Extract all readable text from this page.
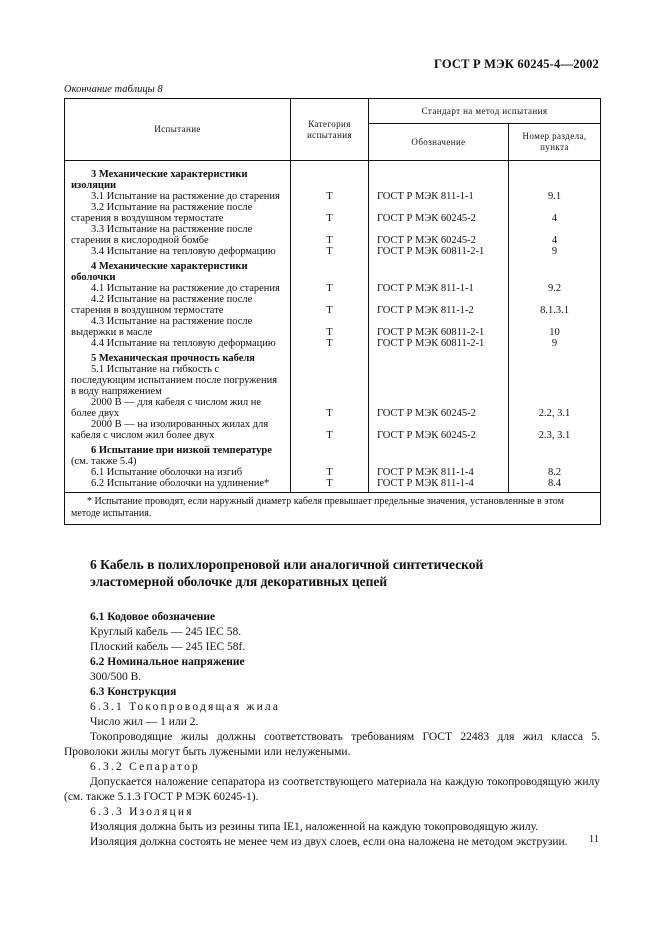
ГОСТ Р МЭК 60245-4—2002
Окончание таблицы 8
Испытание	Категория испытания	Стандарт на метод испытания	
		Обозначение	Номер раздела, пункта

3 Механические характеристики изоляции
3.1 Испытание на растяжение до старения	Т	ГОСТ Р МЭК 811-1-1	9.1

3.2 Испытание на растяжение после старения в воздушном термостате	Т	ГОСТ Р МЭК 60245-2	4

3.3 Испытание на растяжение после старения в кислородной бомбе	Т	ГОСТ Р МЭК 60245-2	4

3.4 Испытание на тепловую деформацию	Т	ГОСТ Р МЭК 60811-2-1	9

4 Механические характеристики оболочки
4.1 Испытание на растяжение до старения	Т	ГОСТ Р МЭК 811-1-1	9.2

4.2 Испытание на растяжение после старения в воздушном термостате	Т	ГОСТ Р МЭК 811-1-2	8.1.3.1

4.3 Испытание на растяжение после выдержки в масле	Т	ГОСТ Р МЭК 60811-2-1	10

4.4 Испытание на тепловую деформацию	Т	ГОСТ Р МЭК 60811-2-1	9

5 Механическая прочность кабеля
5.1 Испытание на гибкость с последующим испытанием после погружения в воду напряжением
2000 В — для кабеля с числом жил не более двух	Т	ГОСТ Р МЭК 60245-2	2.2, 3.1

2000 В — на изолированных жилах для кабеля с числом жил более двух	Т	ГОСТ Р МЭК 60245-2	2.3, 3.1

6 Испытание при низкой температуре (см. также 5.4)
6.1 Испытание оболочки на изгиб	Т	ГОСТ Р МЭК 811-1-4	8.2

6.2 Испытание оболочки на удлинение*	Т	ГОСТ Р МЭК 811-1-4	8.4
* Испытание проводят, если наружный диаметр кабеля превышает предельные значения, установленные в этом методе испытания.			
6 Кабель в полихлоропреновой или аналогичной синтетической
эластомерной оболочке для декоративных цепей

6.1 Кодовое обозначение

Круглый кабель — 245 IEC 58.

Плоский кабель — 245 IEC 58f.

6.2 Номинальное напряжение

300/500 В.

6.3 Конструкция

6.3.1 Токопроводящая жила

Число жил — 1 или 2.

Токопроводящие жилы должны соответствовать требованиям ГОСТ 22483 для жил класса 5. Проволоки жилы могут быть лужеными или нелужеными.

6.3.2 Сепаратор

Допускается наложение сепаратора из соответствующего материала на каждую токопроводящую жилу (см. также 5.1.3 ГОСТ Р МЭК 60245-1).

6.3.3 Изоляция

Изоляция должна быть из резины типа IE1, наложенной на каждую токопроводящую жилу.

Изоляция должна состоять не менее чем из двух слоев, если она наложена не методом экструзии.	11
